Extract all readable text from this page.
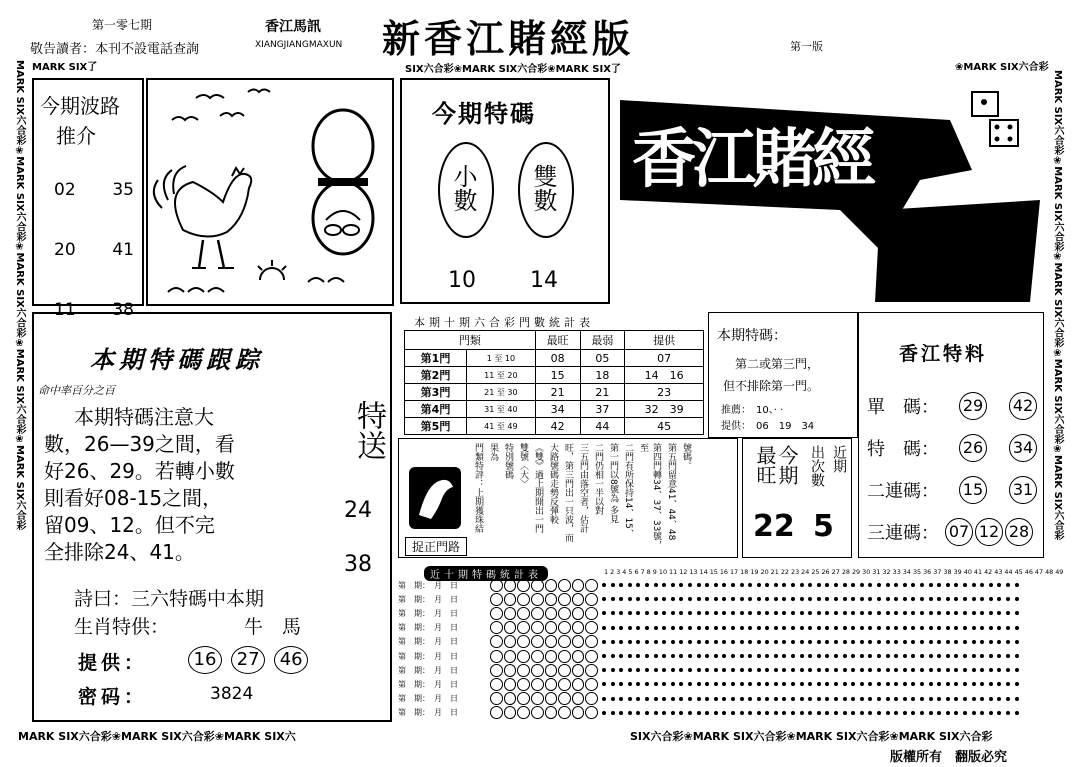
第一零七期	香江馬訊
敬告讀者：本刊不設電話查詢	XIANGJIANGMAXUN 新香江賭經版	第一版
MARK SIX了	SIX六合彩❀MARK SIX六合彩❀MARK SIX了	❀MARK SIX六合彩
MARK SIX六合彩❀MARK SIX六合彩❀MARK SIX六合彩❀MARK SIX六合彩❀MARK SIX六合彩	MARK SIX六合彩❀MARK SIX六合彩❀MARK SIX六合彩❀MARK SIX六合彩❀MARK SIX六合彩
今期波路
推介
02 35
20 41
11 38
今期特碼
小數 雙數
10 14
香江賭經
本期特碼跟踪
命中率百分之百
本期特碼注意大
數，26—39之間，看
好26、29。若轉小數
則看好08-15之間，
留09、12。但不完
全排除24、41。
特送
24
38
詩曰：三六特碼中本期
生肖特供：	牛　馬
提供：	16 27 46
密码：	3824
本期十期六合彩門數統計表
門類		最旺	最弱	提供
第1門	1 至 10	08	05	07
第2門	11 至 20	15	18	14　16
第3門	21 至 30	21	21	23
第4門	31 至 40	34	37	32　39
第5門	41 至 49	42	44	45
本期特碼：
第二或第三門，
但不排除第一門。
推薦：　10、‧ ‧
提供：　06　19　34
香江特料
單　碼：	29 42
特　碼：	26 34
二連碼：	15 31
三連碼： 07 12 28
捉正門路
號碼。
第五門留意41、44、48
第四門轉34、37、33號，至
二門有所保持14、15、
第一門以8號為 多見
二門仍相一半以對
三五門由落空者，估計
旺，第三門出一只波，而
大路號碼走勢反彈較
《雙》過上期開出一門
雙號〈大〉
特別號碼
果為
門類特評：上期獲珠結	今期
最旺
22
近期
出次數
5
近十期特碼統計表	1 2 3 4 5 6 7 8 9 10 11 12 13 14 15 16 17 18 19 20 21 22 23 24 25 26 27 28 29 30 31 32 33 34 35 36 37 38 39 40 41 42 43 44 45 46 47 48 49
第　期：　月　日
第　期：　月　日
第　期：　月　日
第　期：　月　日
第　期：　月　日
第　期：　月　日
第　期：　月　日
第　期：　月　日
第　期：　月　日
第　期：　月　日
MARK SIX六合彩❀MARK SIX六合彩❀MARK SIX六	SIX六合彩❀MARK SIX六合彩❀MARK SIX六合彩❀MARK SIX六合彩
版權所有　翻版必究
